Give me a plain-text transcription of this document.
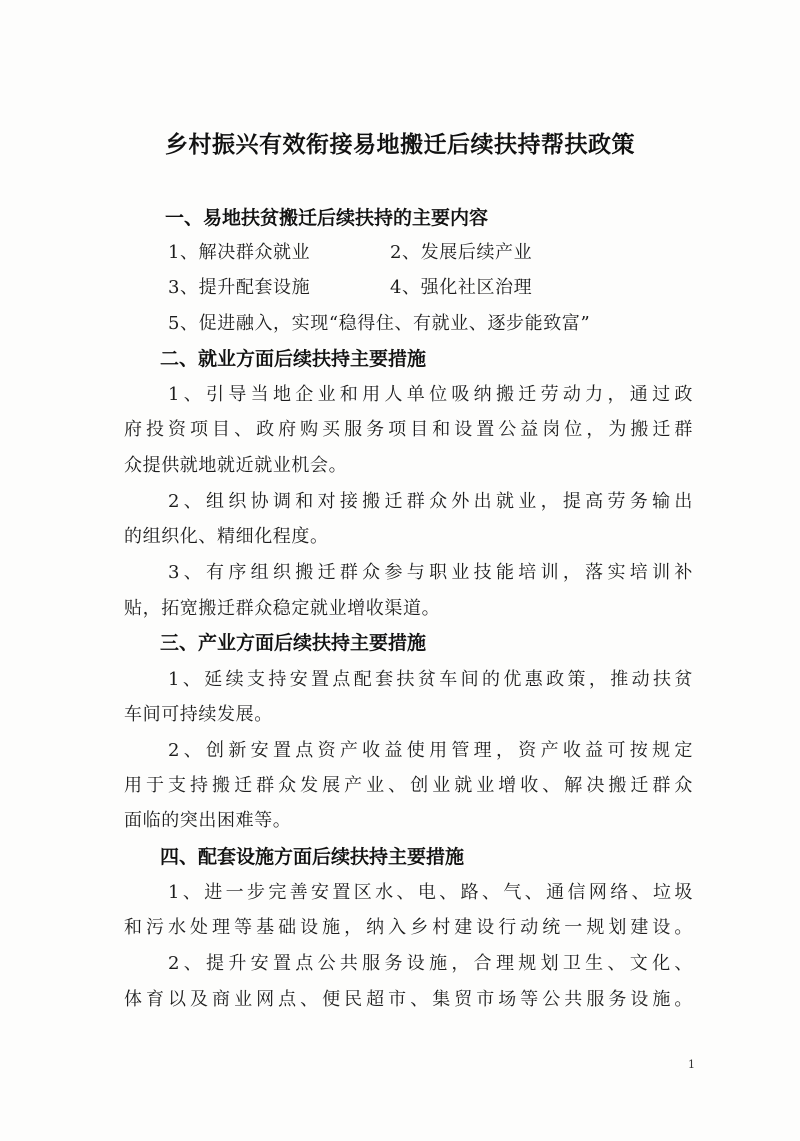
乡村振兴有效衔接易地搬迁后续扶持帮扶政策
一、易地扶贫搬迁后续扶持的主要内容
1、解决群众就业	2、发展后续产业
3、提升配套设施	4、强化社区治理
5、促进融入，实现“稳得住、有就业、逐步能致富”
二、就业方面后续扶持主要措施
1、引导当地企业和用人单位吸纳搬迁劳动力，通过政
府投资项目、政府购买服务项目和设置公益岗位，为搬迁群
众提供就地就近就业机会。
2、组织协调和对接搬迁群众外出就业，提高劳务输出
的组织化、精细化程度。
3、有序组织搬迁群众参与职业技能培训，落实培训补
贴，拓宽搬迁群众稳定就业增收渠道。
三、产业方面后续扶持主要措施
1、延续支持安置点配套扶贫车间的优惠政策，推动扶贫
车间可持续发展。
2、创新安置点资产收益使用管理，资产收益可按规定
用于支持搬迁群众发展产业、创业就业增收、解决搬迁群众
面临的突出困难等。
四、配套设施方面后续扶持主要措施
1、进一步完善安置区水、电、路、气、通信网络、垃圾
和污水处理等基础设施，纳入乡村建设行动统一规划建设。
2、提升安置点公共服务设施，合理规划卫生、文化、
体育以及商业网点、便民超市、集贸市场等公共服务设施。
1
